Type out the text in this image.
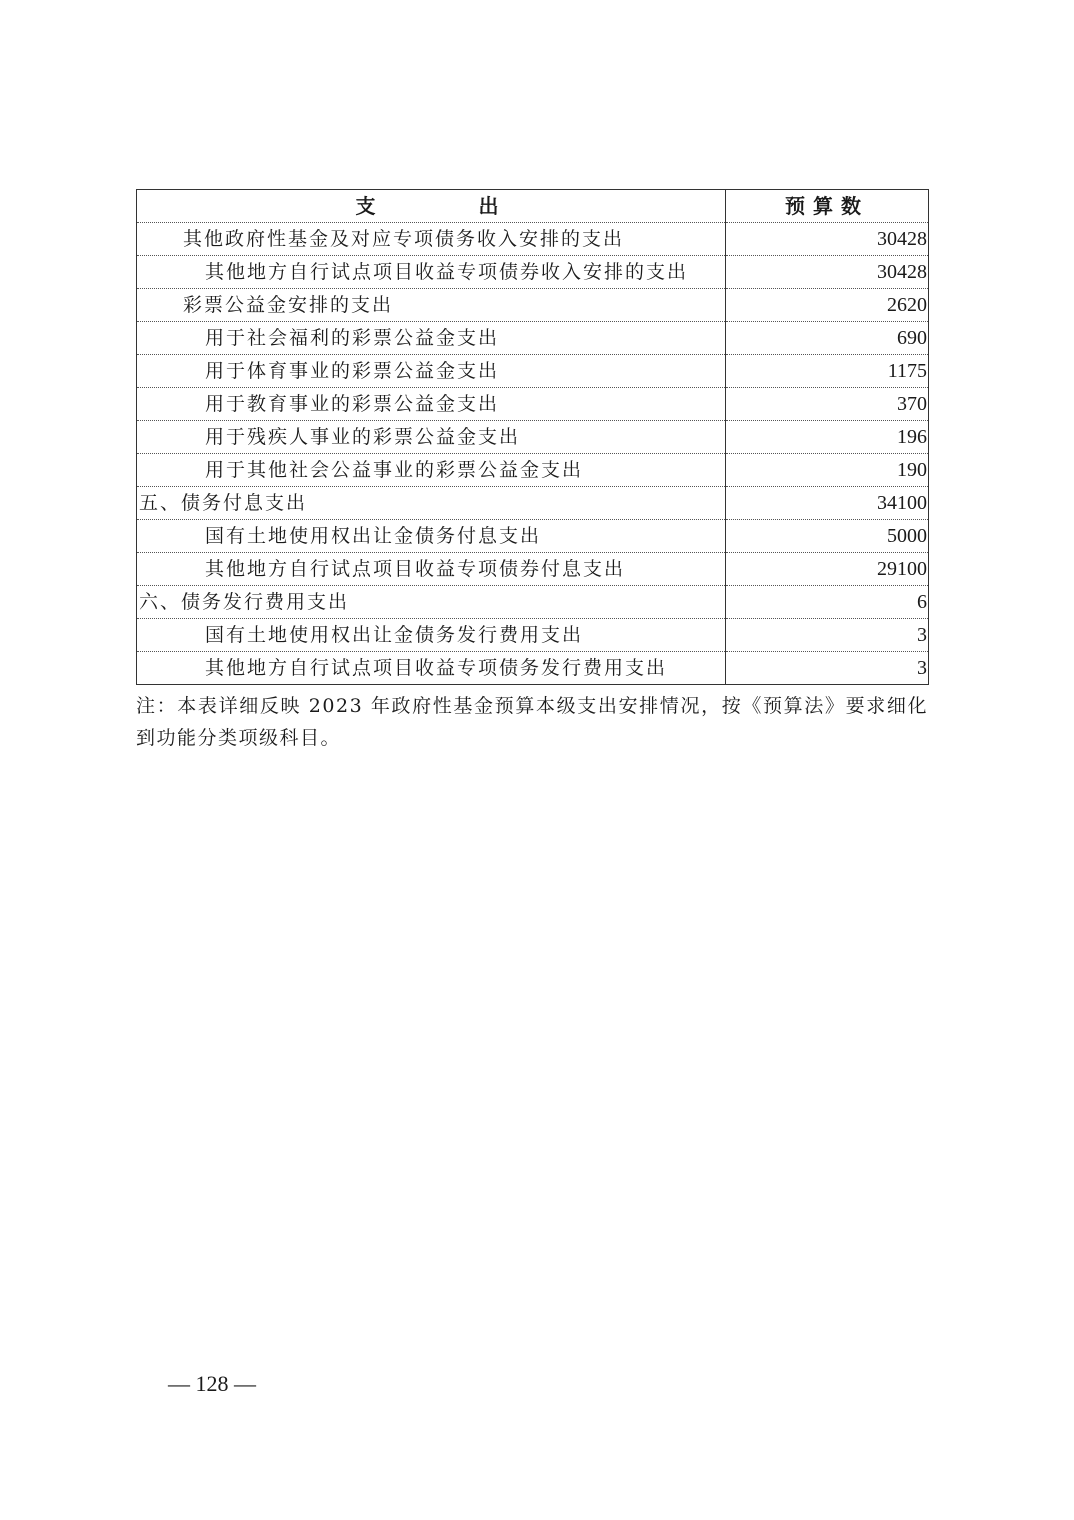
支 出	预算数
其他政府性基金及对应专项债务收入安排的支出	30428
其他地方自行试点项目收益专项债券收入安排的支出	30428
彩票公益金安排的支出	2620
用于社会福利的彩票公益金支出	690
用于体育事业的彩票公益金支出	1175
用于教育事业的彩票公益金支出	370
用于残疾人事业的彩票公益金支出	196
用于其他社会公益事业的彩票公益金支出	190
五、债务付息支出	34100
国有土地使用权出让金债务付息支出	5000
其他地方自行试点项目收益专项债券付息支出	29100
六、债务发行费用支出	6
国有土地使用权出让金债务发行费用支出	3
其他地方自行试点项目收益专项债务发行费用支出	3
注：本表详细反映 2023 年政府性基金预算本级支出安排情况，按《预算法》要求细化到功能分类项级科目。
— 128 —
